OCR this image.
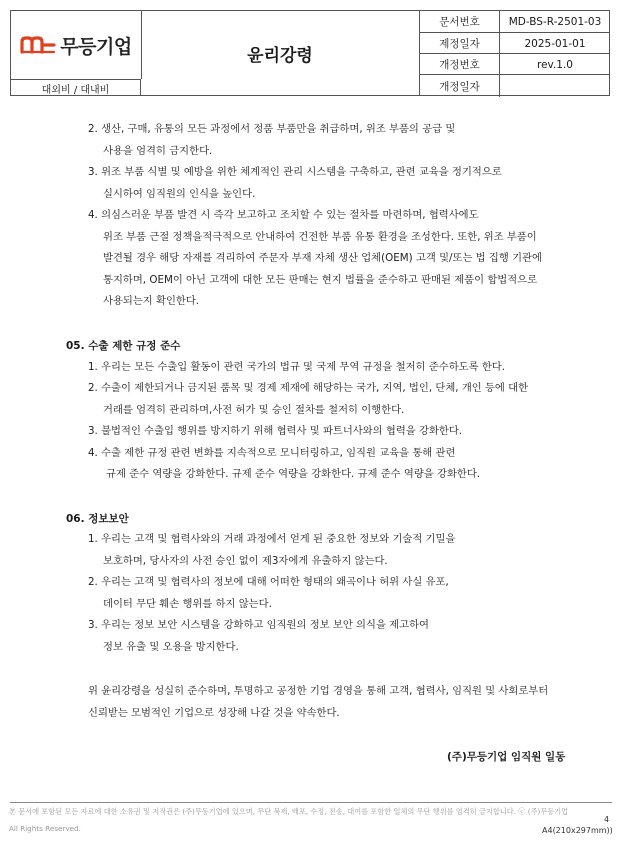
무등기업
대외비 / 대내비
윤리강령
문서번호	MD-BS-R-2501-03
제정일자	2025-01-01
개정번호	rev.1.0
개정일자
2. 생산, 구매, 유통의 모든 과정에서 정품 부품만을 취급하며, 위조 부품의 공급 및
사용을 엄격히 금지한다.
3. 위조 부품 식별 및 예방을 위한 체계적인 관리 시스템을 구축하고, 관련 교육을 정기적으로
실시하여 임직원의 인식을 높인다.
4. 의심스러운 부품 발견 시 즉각 보고하고 조치할 수 있는 절차를 마련하며, 협력사에도
위조 부품 근절 정책을적극적으로 안내하여 건전한 부품 유통 환경을 조성한다. 또한, 위조 부품이
발견될 경우 해당 자재를 격리하여 주문자 부재 자체 생산 업체(OEM) 고객 및/또는 법 집행 기관에
통지하며, OEM이 아닌 고객에 대한 모든 판매는 현지 법률을 준수하고 판매된 제품이 합법적으로
사용되는지 확인한다.
05. 수출 제한 규정 준수
1. 우리는 모든 수출입 활동이 관련 국가의 법규 및 국제 무역 규정을 철저히 준수하도록 한다.
2. 수출이 제한되거나 금지된 품목 및 경제 제재에 해당하는 국가, 지역, 법인, 단체, 개인 등에 대한
거래를 엄격히 관리하며,사전 허가 및 승인 절차를 철저히 이행한다.
3. 불법적인 수출입 행위를 방지하기 위해 협력사 및 파트너사와의 협력을 강화한다.
4. 수출 제한 규정 관련 변화를 지속적으로 모니터링하고, 임직원 교육을 통해 관련
규제 준수 역량을 강화한다. 규제 준수 역량을 강화한다. 규제 준수 역량을 강화한다.
06. 정보보안
1. 우리는 고객 및 협력사와의 거래 과정에서 얻게 된 중요한 정보와 기술적 기밀을
보호하며, 당사자의 사전 승인 없이 제3자에게 유출하지 않는다.
2. 우리는 고객 및 협력사의 정보에 대해 어떠한 형태의 왜곡이나 허위 사실 유포,
데이터 무단 훼손 행위를 하지 않는다.
3. 우리는 정보 보안 시스템을 강화하고 임직원의 정보 보안 의식을 제고하여
정보 유출 및 오용을 방지한다.
위 윤리강령을 성실히 준수하며, 투명하고 공정한 기업 경영을 통해 고객, 협력사, 임직원 및 사회로부터
신뢰받는 모범적인 기업으로 성장해 나갈 것을 약속한다.
(주)무등기업 임직원 일동
본 문서에 포함된 모든 자료에 대한 소유권 및 저작권은 (주)무등기업에 있으며, 무단 복제, 배포, 수정, 전송, 대여를 포함한 일체의 무단 행위를 엄격히 금지합니다. ⓒ (주)무등기업
All Rights Reserved.
4
A4(210x297mm))
